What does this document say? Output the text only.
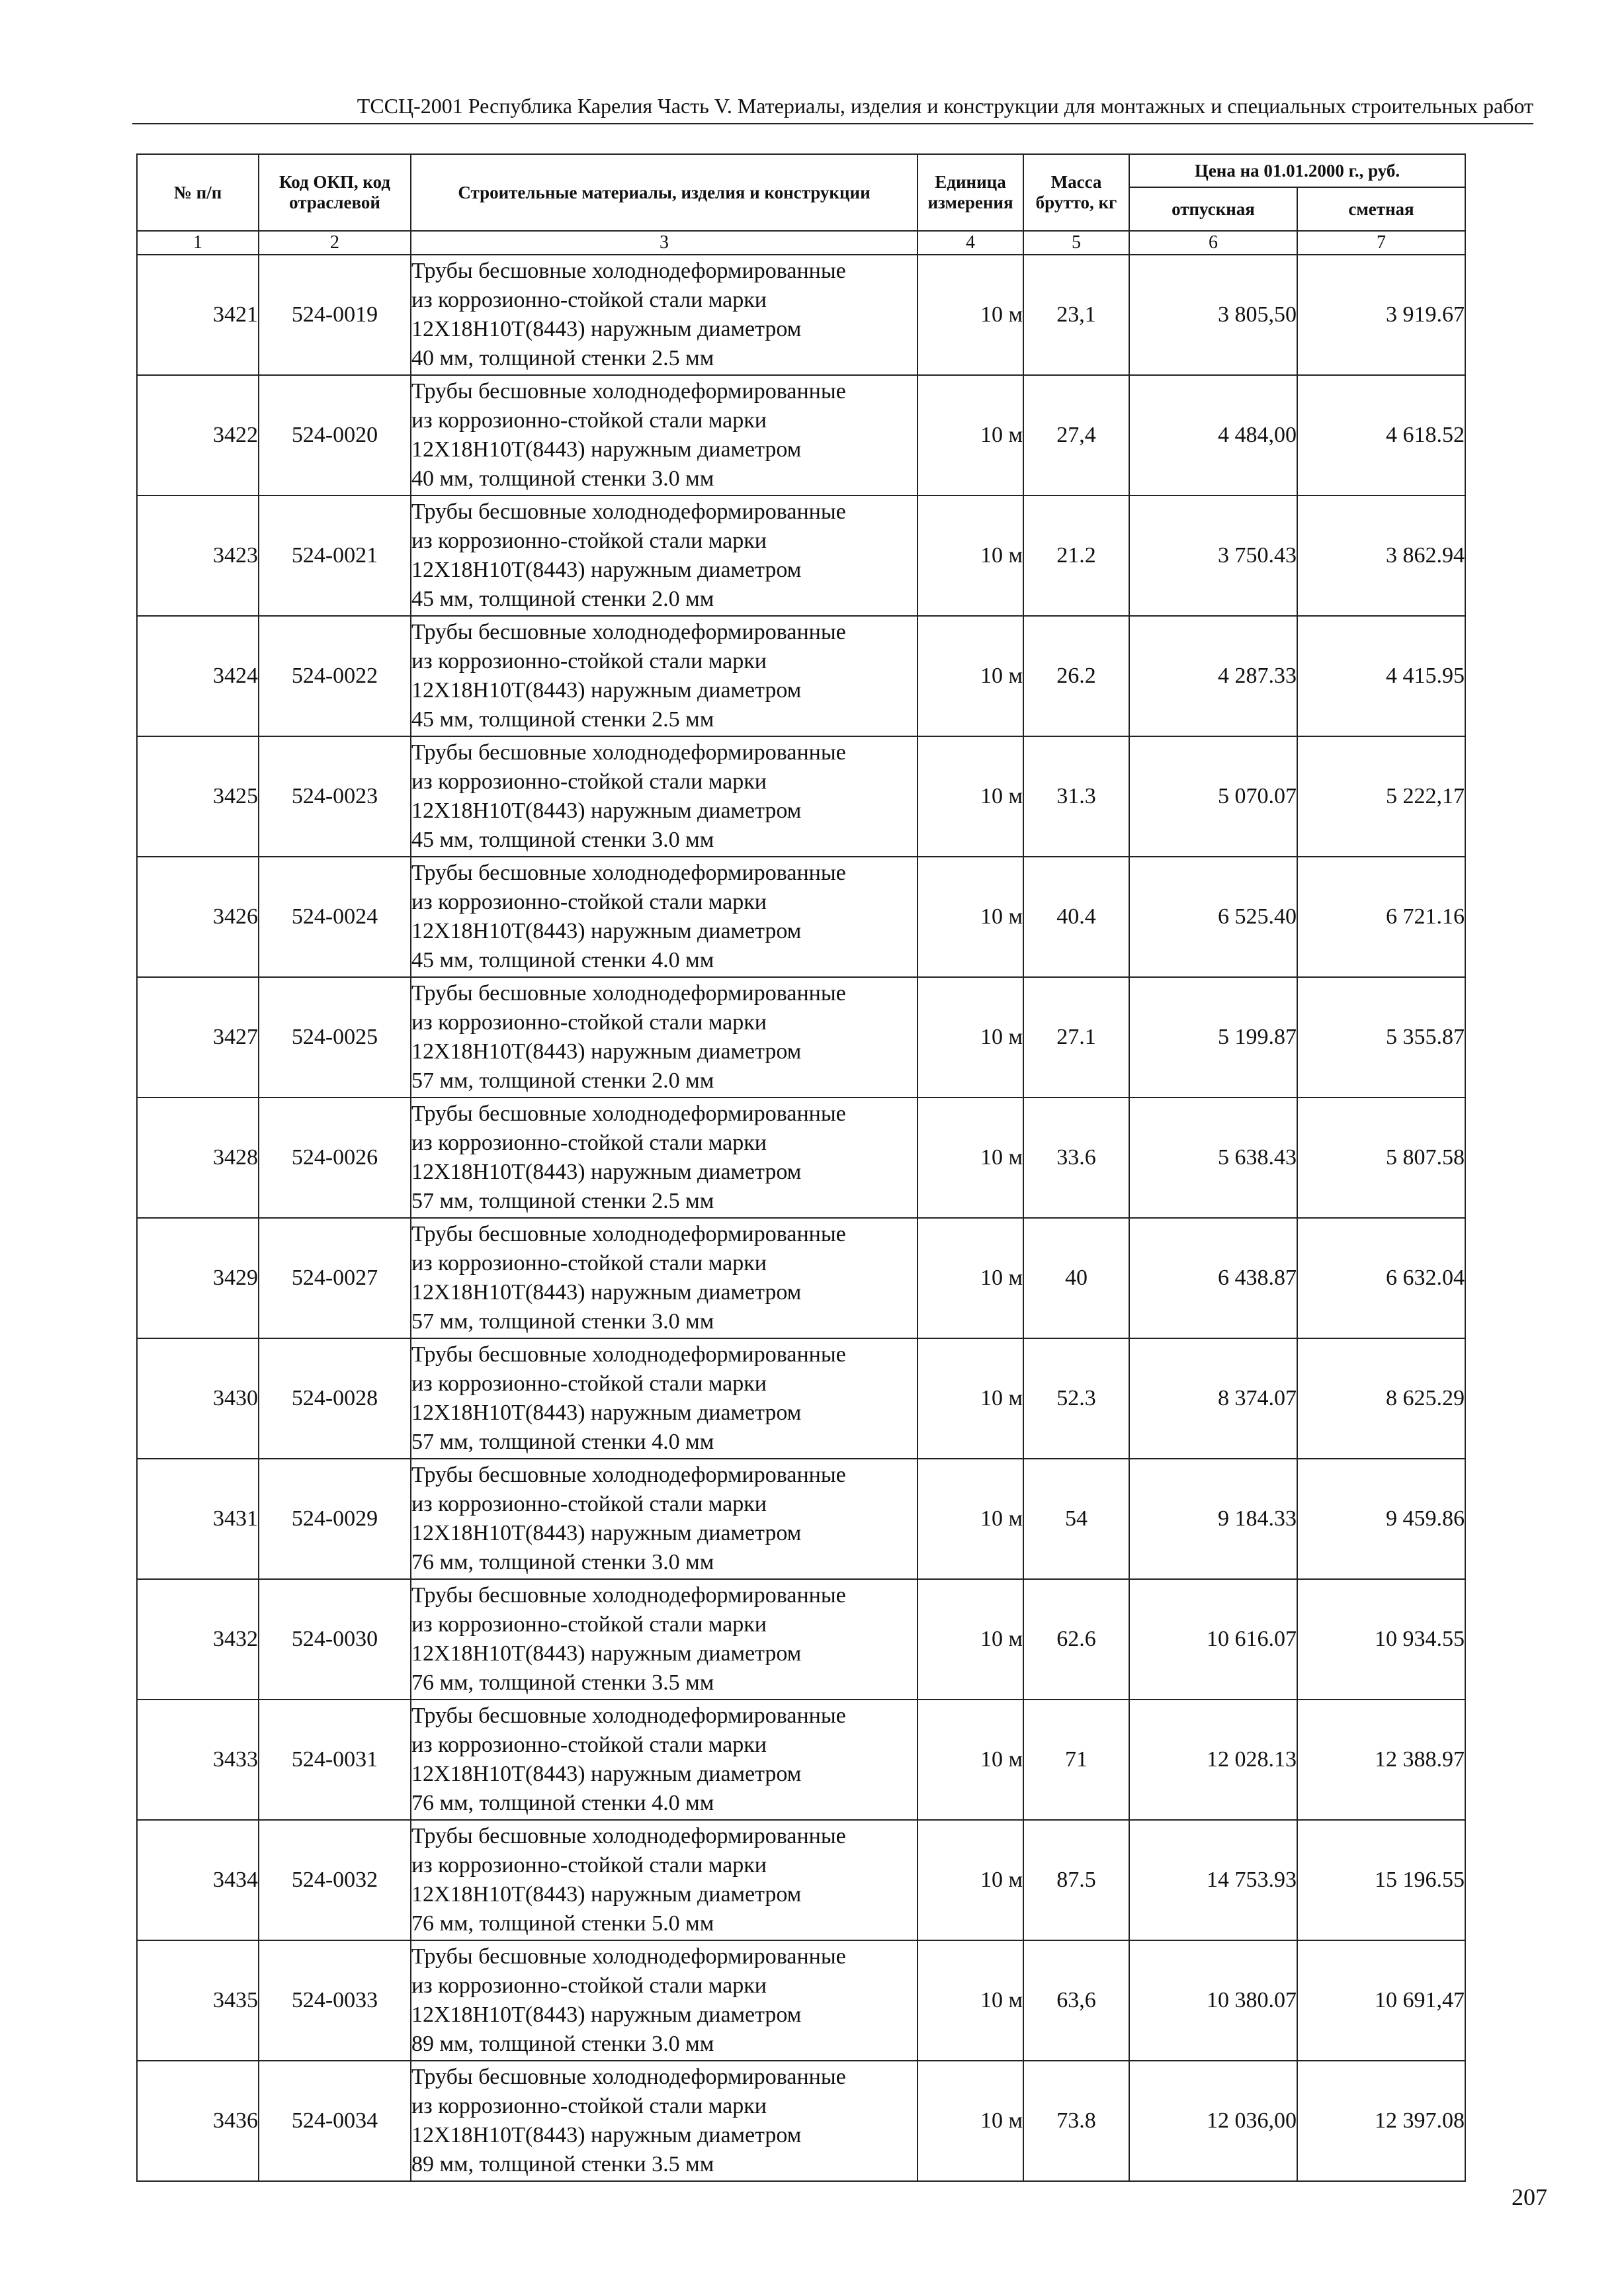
ТССЦ-2001 Республика Карелия Часть V. Материалы, изделия и конструкции для монтажных и специальных строительных работ
№ п/п	Код ОКП, код отраслевой	Строительные материалы, изделия и конструкции	Единица измерения	Масса брутто, кг	Цена на 01.01.2000 г., руб.	
					отпускная	сметная
1	2	3	4	5	6	7
3421	524-0019	Трубы бесшовные холоднодеформированные
из коррозионно-стойкой стали марки
12Х18Н10Т(8443) наружным диаметром
40 мм, толщиной стенки 2.5 мм	10 м	23,1	3 805,50	3 919.67
3422	524-0020	Трубы бесшовные холоднодеформированные
из коррозионно-стойкой стали марки
12Х18Н10Т(8443) наружным диаметром
40 мм, толщиной стенки 3.0 мм	10 м	27,4	4 484,00	4 618.52
3423	524-0021	Трубы бесшовные холоднодеформированные
из коррозионно-стойкой стали марки
12Х18Н10Т(8443) наружным диаметром
45 мм, толщиной стенки 2.0 мм	10 м	21.2	3 750.43	3 862.94
3424	524-0022	Трубы бесшовные холоднодеформированные
из коррозионно-стойкой стали марки
12Х18Н10Т(8443) наружным диаметром
45 мм, толщиной стенки 2.5 мм	10 м	26.2	4 287.33	4 415.95
3425	524-0023	Трубы бесшовные холоднодеформированные
из коррозионно-стойкой стали марки
12Х18Н10Т(8443) наружным диаметром
45 мм, толщиной стенки 3.0 мм	10 м	31.3	5 070.07	5 222,17
3426	524-0024	Трубы бесшовные холоднодеформированные
из коррозионно-стойкой стали марки
12Х18Н10Т(8443) наружным диаметром
45 мм, толщиной стенки 4.0 мм	10 м	40.4	6 525.40	6 721.16
3427	524-0025	Трубы бесшовные холоднодеформированные
из коррозионно-стойкой стали марки
12Х18Н10Т(8443) наружным диаметром
57 мм, толщиной стенки 2.0 мм	10 м	27.1	5 199.87	5 355.87
3428	524-0026	Трубы бесшовные холоднодеформированные
из коррозионно-стойкой стали марки
12Х18Н10Т(8443) наружным диаметром
57 мм, толщиной стенки 2.5 мм	10 м	33.6	5 638.43	5 807.58
3429	524-0027	Трубы бесшовные холоднодеформированные
из коррозионно-стойкой стали марки
12Х18Н10Т(8443) наружным диаметром
57 мм, толщиной стенки 3.0 мм	10 м	40	6 438.87	6 632.04
3430	524-0028	Трубы бесшовные холоднодеформированные
из коррозионно-стойкой стали марки
12Х18Н10Т(8443) наружным диаметром
57 мм, толщиной стенки 4.0 мм	10 м	52.3	8 374.07	8 625.29
3431	524-0029	Трубы бесшовные холоднодеформированные
из коррозионно-стойкой стали марки
12Х18Н10Т(8443) наружным диаметром
76 мм, толщиной стенки 3.0 мм	10 м	54	9 184.33	9 459.86
3432	524-0030	Трубы бесшовные холоднодеформированные
из коррозионно-стойкой стали марки
12Х18Н10Т(8443) наружным диаметром
76 мм, толщиной стенки 3.5 мм	10 м	62.6	10 616.07	10 934.55
3433	524-0031	Трубы бесшовные холоднодеформированные
из коррозионно-стойкой стали марки
12Х18Н10Т(8443) наружным диаметром
76 мм, толщиной стенки 4.0 мм	10 м	71	12 028.13	12 388.97
3434	524-0032	Трубы бесшовные холоднодеформированные
из коррозионно-стойкой стали марки
12Х18Н10Т(8443) наружным диаметром
76 мм, толщиной стенки 5.0 мм	10 м	87.5	14 753.93	15 196.55
3435	524-0033	Трубы бесшовные холоднодеформированные
из коррозионно-стойкой стали марки
12Х18Н10Т(8443) наружным диаметром
89 мм, толщиной стенки 3.0 мм	10 м	63,6	10 380.07	10 691,47
3436	524-0034	Трубы бесшовные холоднодеформированные
из коррозионно-стойкой стали марки
12Х18Н10Т(8443) наружным диаметром
89 мм, толщиной стенки 3.5 мм	10 м	73.8	12 036,00	12 397.08
207
